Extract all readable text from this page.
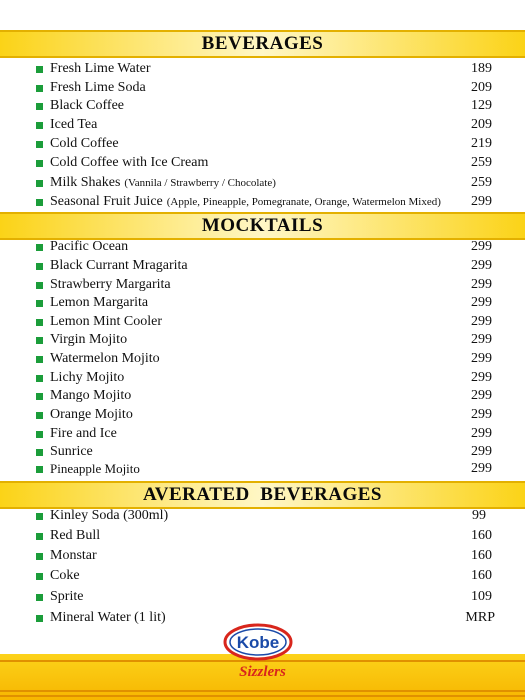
BEVERAGES
Fresh Lime Water	189
Fresh Lime Soda	209
Black Coffee	129
Iced Tea	209
Cold Coffee	219
Cold Coffee with Ice Cream	259
Milk Shakes (Vannila / Strawberry / Chocolate)	259
Seasonal Fruit Juice (Apple, Pineapple, Pomegranate, Orange, Watermelon Mixed) 299
MOCKTAILS
Pacific Ocean	299
Black Currant Mragarita	299
Strawberry Margarita	299
Lemon Margarita	299
Lemon Mint Cooler	299
Virgin Mojito	299
Watermelon Mojito	299
Lichy Mojito	299
Mango Mojito	299
Orange Mojito	299
Fire and Ice	299
Sunrice	299
Pineapple Mojito	299
AVERATED  BEVERAGES
Kinley Soda (300ml)	99
Red Bull	160
Monstar	160
Coke	160
Sprite	109
Mineral Water (1 lit)	MRP
Sizzlers
Kobe
